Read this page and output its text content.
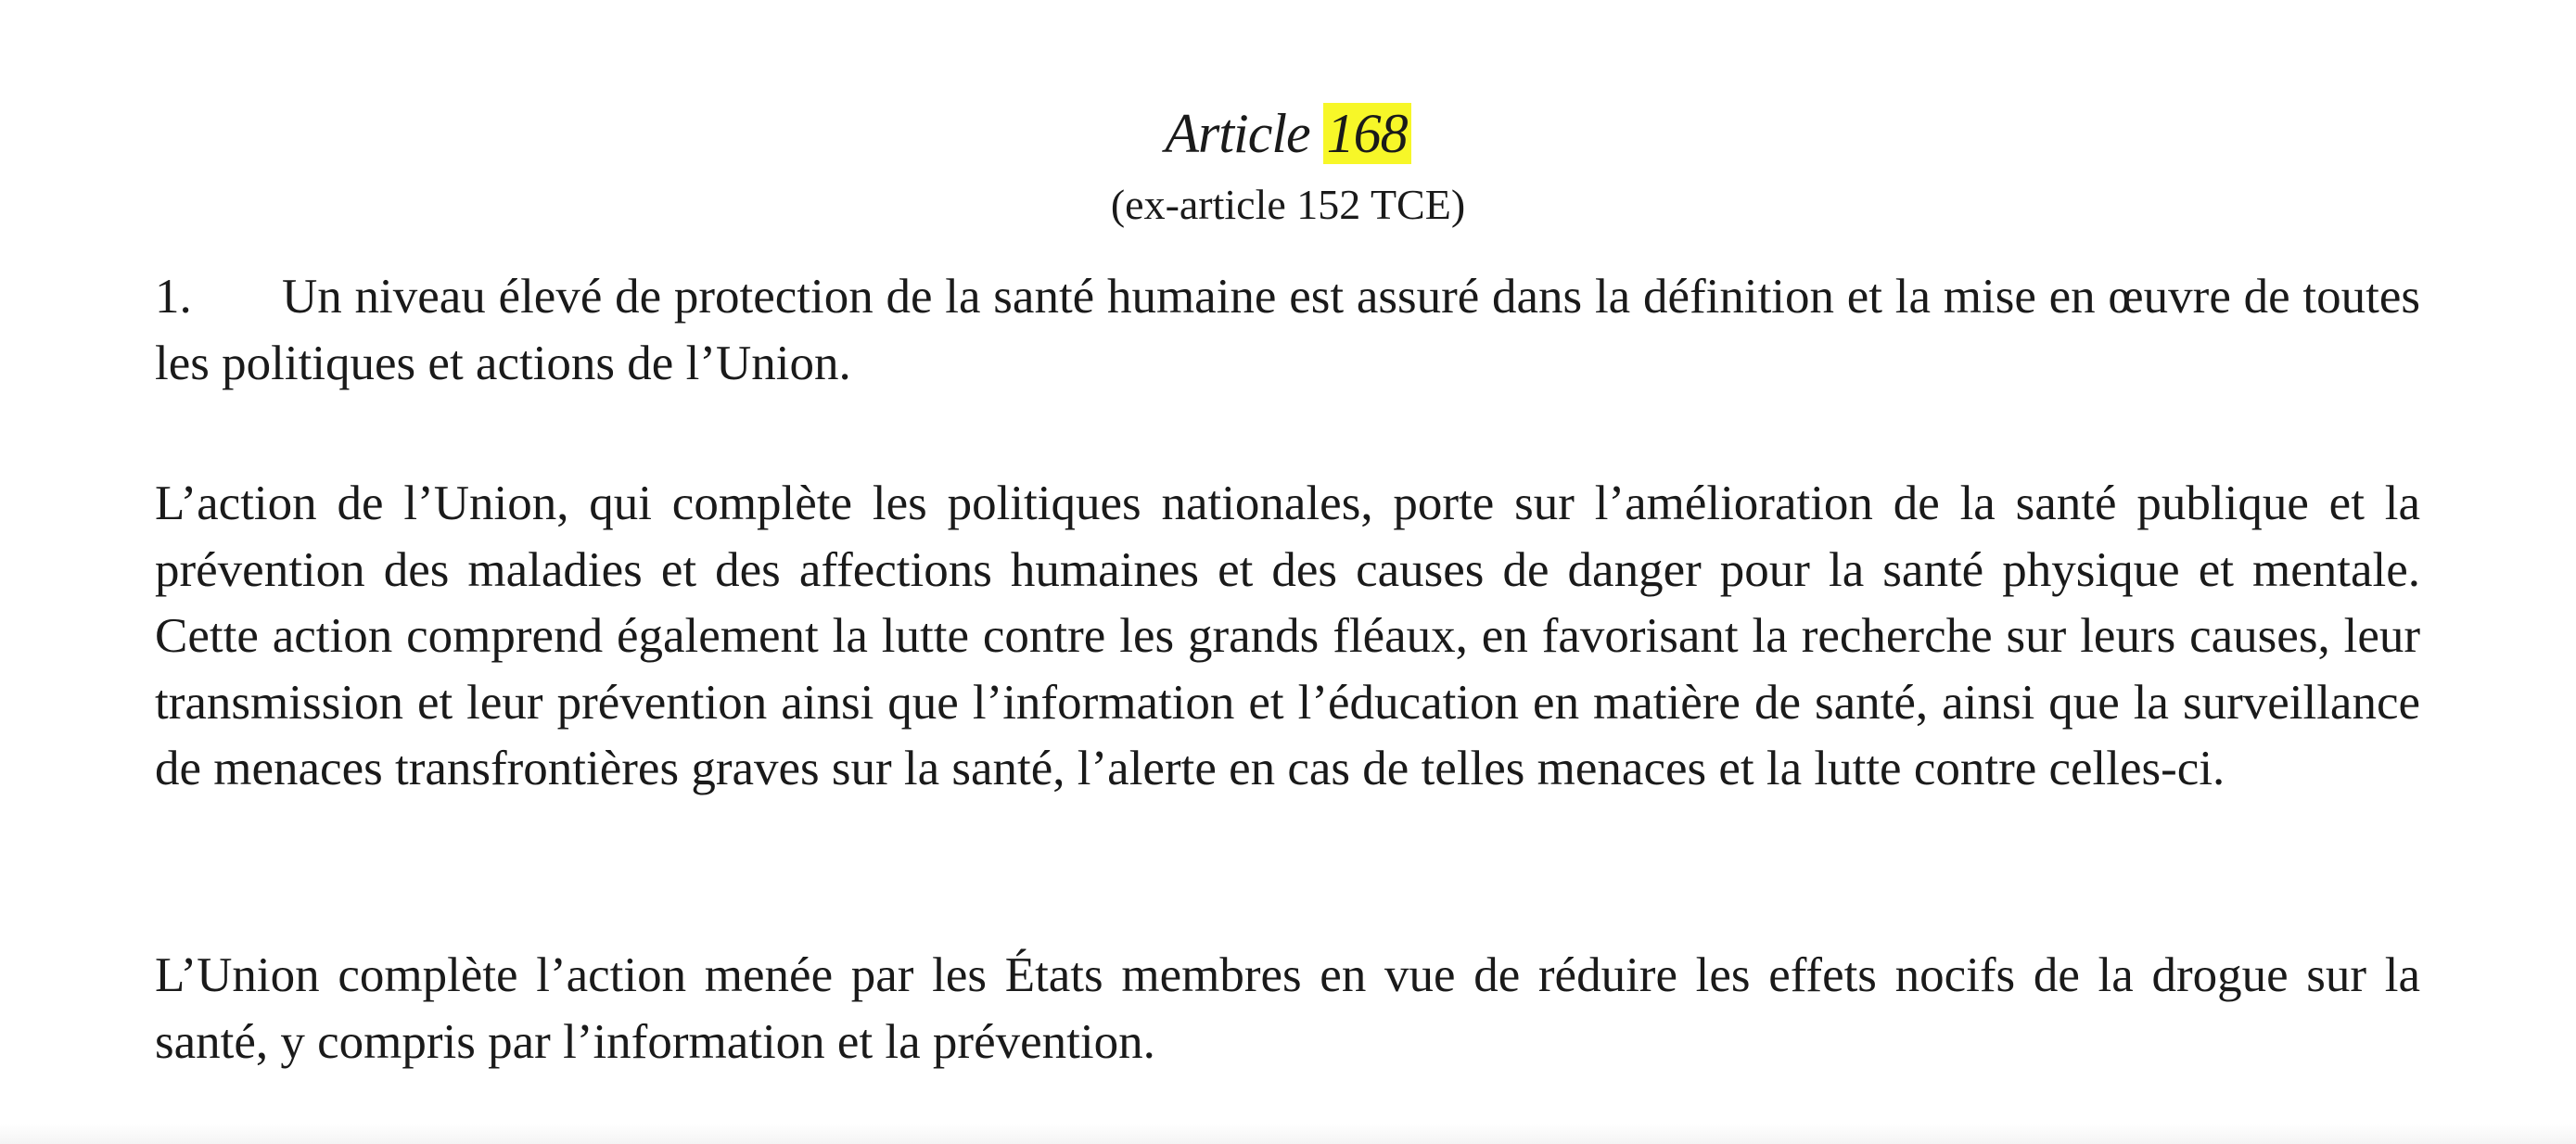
Article 168
(ex-article 152 TCE)

1. Un niveau élevé de protection de la santé humaine est assuré dans la définition et la mise en œuvre de toutes les politiques et actions de l’Union.

L’action de l’Union, qui complète les politiques nationales, porte sur l’amélioration de la santé publique et la prévention des maladies et des affections humaines et des causes de danger pour la santé physique et mentale. Cette action comprend également la lutte contre les grands fléaux, en favorisant la recherche sur leurs causes, leur transmission et leur prévention ainsi que l’information et l’éducation en matière de santé, ainsi que la surveillance de menaces transfrontières graves sur la santé, l’alerte en cas de telles menaces et la lutte contre celles-ci.

L’Union complète l’action menée par les États membres en vue de réduire les effets nocifs de la drogue sur la santé, y compris par l’information et la prévention.
